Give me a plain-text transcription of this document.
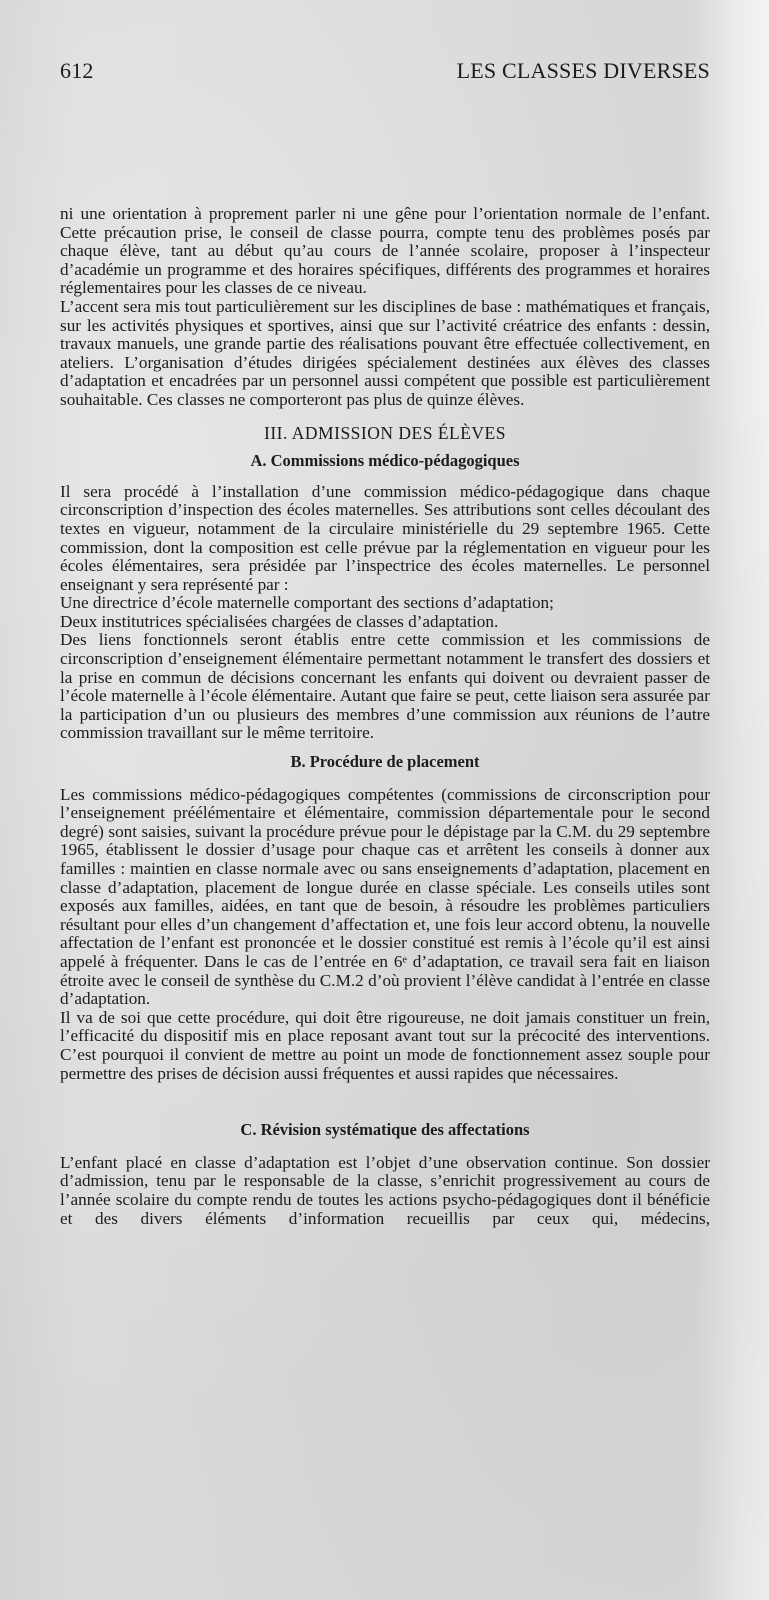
612	LES CLASSES DIVERSES

ni une orientation à proprement parler ni une gêne pour l’orientation normale de l’enfant. Cette précaution prise, le conseil de classe pourra, compte tenu des problèmes posés par chaque élève, tant au début qu’au cours de l’année scolaire, proposer à l’inspecteur d’académie un programme et des horaires spécifiques, différents des programmes et horaires réglementaires pour les classes de ce niveau.

L’accent sera mis tout particulièrement sur les disciplines de base : mathématiques et français, sur les activités physiques et sportives, ainsi que sur l’activité créatrice des enfants : dessin, travaux manuels, une grande partie des réalisations pouvant être effectuée collectivement, en ateliers. L’organisation d’études dirigées spécialement destinées aux élèves des classes d’adaptation et encadrées par un personnel aussi compétent que possible est particulièrement souhaitable. Ces classes ne comporteront pas plus de quinze élèves.

III. ADMISSION DES ÉLÈVES
A. Commissions médico-pédagogiques

Il sera procédé à l’installation d’une commission médico-pédagogique dans chaque circonscription d’inspection des écoles maternelles. Ses attributions sont celles découlant des textes en vigueur, notamment de la circulaire ministérielle du 29 septembre 1965. Cette commission, dont la composition est celle prévue par la réglementation en vigueur pour les écoles élémentaires, sera présidée par l’inspectrice des écoles maternelles. Le personnel enseignant y sera représenté par :

Une directrice d’école maternelle comportant des sections d’adaptation;

Deux institutrices spécialisées chargées de classes d’adaptation.

Des liens fonctionnels seront établis entre cette commission et les commissions de circonscription d’enseignement élémentaire permettant notamment le transfert des dossiers et la prise en commun de décisions concernant les enfants qui doivent ou devraient passer de l’école maternelle à l’école élémentaire. Autant que faire se peut, cette liaison sera assurée par la participation d’un ou plusieurs des membres d’une commission aux réunions de l’autre commission travaillant sur le même territoire.

B. Procédure de placement

Les commissions médico-pédagogiques compétentes (commissions de circonscription pour l’enseignement préélémentaire et élémentaire, commission départementale pour le second degré) sont saisies, suivant la procédure prévue pour le dépistage par la C.M. du 29 septembre 1965, établissent le dossier d’usage pour chaque cas et arrêtent les conseils à donner aux familles : maintien en classe normale avec ou sans enseignements d’adaptation, placement en classe d’adaptation, placement de longue durée en classe spéciale. Les conseils utiles sont exposés aux familles, aidées, en tant que de besoin, à résoudre les problèmes particuliers résultant pour elles d’un changement d’affectation et, une fois leur accord obtenu, la nouvelle affectation de l’enfant est prononcée et le dossier constitué est remis à l’école qu’il est ainsi appelé à fréquenter. Dans le cas de l’entrée en 6ᵉ d’adaptation, ce travail sera fait en liaison étroite avec le conseil de synthèse du C.M.2 d’où provient l’élève candidat à l’entrée en classe d’adaptation.

Il va de soi que cette procédure, qui doit être rigoureuse, ne doit jamais constituer un frein, l’efficacité du dispositif mis en place reposant avant tout sur la précocité des interventions. C’est pourquoi il convient de mettre au point un mode de fonctionnement assez souple pour permettre des prises de décision aussi fréquentes et aussi rapides que nécessaires.

C. Révision systématique des affectations

L’enfant placé en classe d’adaptation est l’objet d’une observation continue. Son dossier d’admission, tenu par le responsable de la classe, s’enrichit progressivement au cours de l’année scolaire du compte rendu de toutes les actions psycho-pédagogiques dont il bénéficie et des divers éléments d’information recueillis par ceux qui, médecins,
